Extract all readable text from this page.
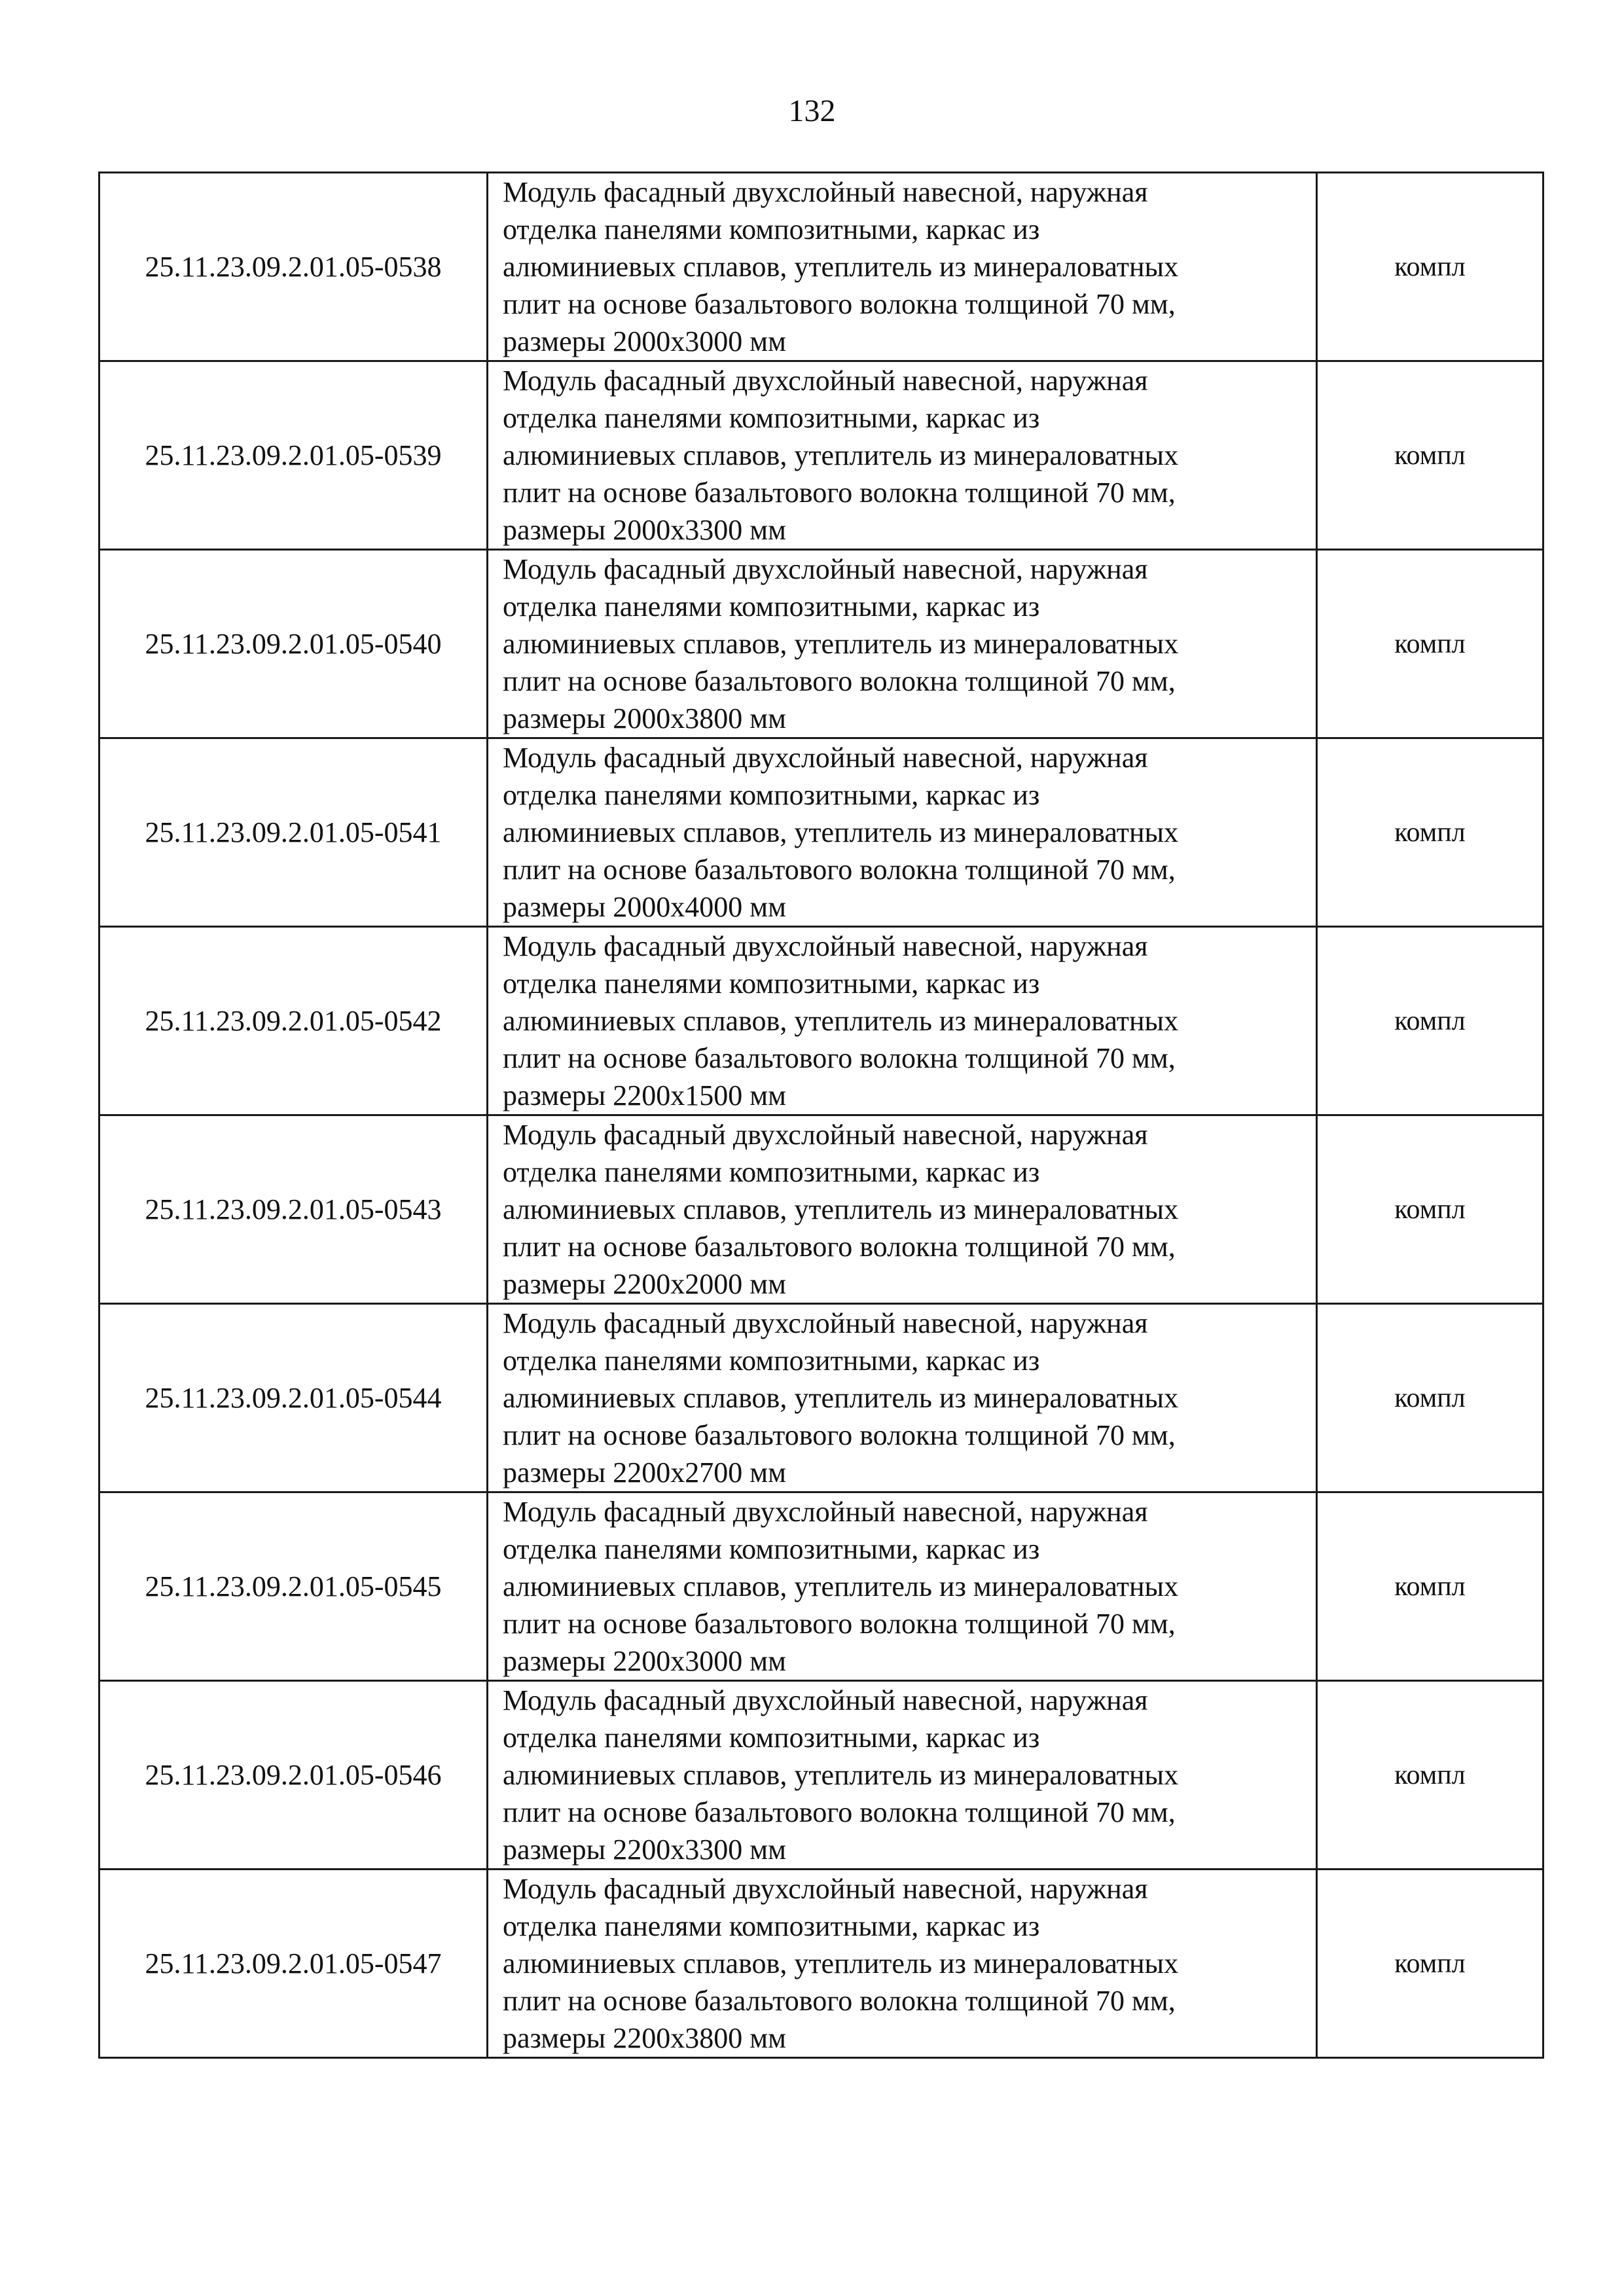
132
25.11.23.09.2.01.05-0538	Модуль фасадный двухслойный навесной, наружная
отделка панелями композитными, каркас из
алюминиевых сплавов, утеплитель из минераловатных
плит на основе базальтового волокна толщиной 70 мм,
размеры 2000x3000 мм	компл
25.11.23.09.2.01.05-0539	Модуль фасадный двухслойный навесной, наружная
отделка панелями композитными, каркас из
алюминиевых сплавов, утеплитель из минераловатных
плит на основе базальтового волокна толщиной 70 мм,
размеры 2000x3300 мм	компл
25.11.23.09.2.01.05-0540	Модуль фасадный двухслойный навесной, наружная
отделка панелями композитными, каркас из
алюминиевых сплавов, утеплитель из минераловатных
плит на основе базальтового волокна толщиной 70 мм,
размеры 2000x3800 мм	компл
25.11.23.09.2.01.05-0541	Модуль фасадный двухслойный навесной, наружная
отделка панелями композитными, каркас из
алюминиевых сплавов, утеплитель из минераловатных
плит на основе базальтового волокна толщиной 70 мм,
размеры 2000x4000 мм	компл
25.11.23.09.2.01.05-0542	Модуль фасадный двухслойный навесной, наружная
отделка панелями композитными, каркас из
алюминиевых сплавов, утеплитель из минераловатных
плит на основе базальтового волокна толщиной 70 мм,
размеры 2200x1500 мм	компл
25.11.23.09.2.01.05-0543	Модуль фасадный двухслойный навесной, наружная
отделка панелями композитными, каркас из
алюминиевых сплавов, утеплитель из минераловатных
плит на основе базальтового волокна толщиной 70 мм,
размеры 2200x2000 мм	компл
25.11.23.09.2.01.05-0544	Модуль фасадный двухслойный навесной, наружная
отделка панелями композитными, каркас из
алюминиевых сплавов, утеплитель из минераловатных
плит на основе базальтового волокна толщиной 70 мм,
размеры 2200x2700 мм	компл
25.11.23.09.2.01.05-0545	Модуль фасадный двухслойный навесной, наружная
отделка панелями композитными, каркас из
алюминиевых сплавов, утеплитель из минераловатных
плит на основе базальтового волокна толщиной 70 мм,
размеры 2200x3000 мм	компл
25.11.23.09.2.01.05-0546	Модуль фасадный двухслойный навесной, наружная
отделка панелями композитными, каркас из
алюминиевых сплавов, утеплитель из минераловатных
плит на основе базальтового волокна толщиной 70 мм,
размеры 2200x3300 мм	компл
25.11.23.09.2.01.05-0547	Модуль фасадный двухслойный навесной, наружная
отделка панелями композитными, каркас из
алюминиевых сплавов, утеплитель из минераловатных
плит на основе базальтового волокна толщиной 70 мм,
размеры 2200x3800 мм	компл
